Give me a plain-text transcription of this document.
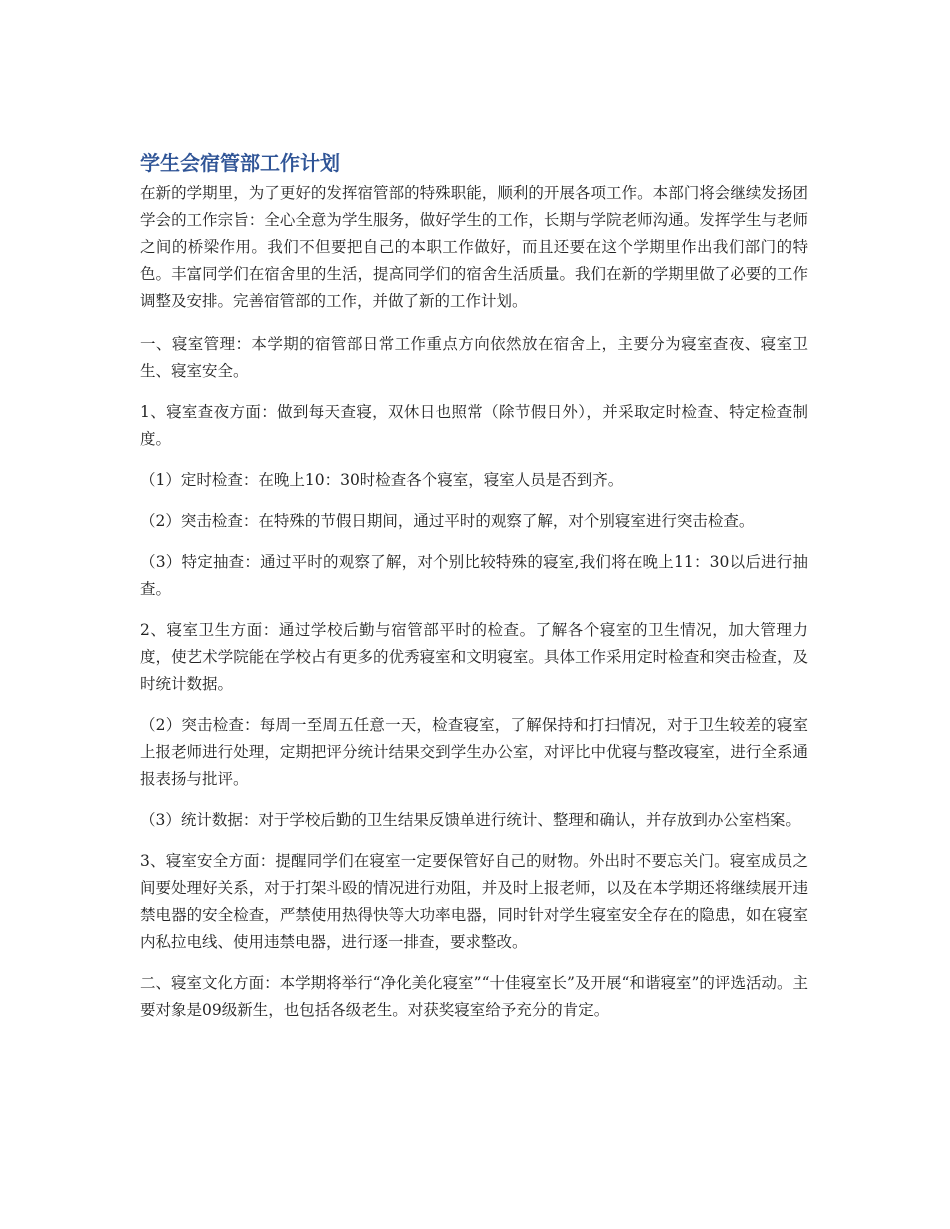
学生会宿管部工作计划

在新的学期里，为了更好的发挥宿管部的特殊职能，顺利的开展各项工作。本部门将会继续发扬团学会的工作宗旨：全心全意为学生服务，做好学生的工作，长期与学院老师沟通。发挥学生与老师之间的桥梁作用。我们不但要把自己的本职工作做好，而且还要在这个学期里作出我们部门的特色。丰富同学们在宿舍里的生活，提高同学们的宿舍生活质量。我们在新的学期里做了必要的工作调整及安排。完善宿管部的工作，并做了新的工作计划。

一、寝室管理：本学期的宿管部日常工作重点方向依然放在宿舍上，主要分为寝室查夜、寝室卫生、寝室安全。

1、寝室查夜方面：做到每天查寝，双休日也照常（除节假日外），并采取定时检查、特定检查制度。

（1）定时检查：在晚上10：30时检查各个寝室，寝室人员是否到齐。

（2）突击检查：在特殊的节假日期间，通过平时的观察了解，对个别寝室进行突击检查。

（3）特定抽查：通过平时的观察了解，对个别比较特殊的寝室,我们将在晚上11：30以后进行抽查。

2、寝室卫生方面：通过学校后勤与宿管部平时的检查。了解各个寝室的卫生情况，加大管理力度，使艺术学院能在学校占有更多的优秀寝室和文明寝室。具体工作采用定时检查和突击检查，及时统计数据。

（2）突击检查：每周一至周五任意一天，检查寝室，了解保持和打扫情况，对于卫生较差的寝室上报老师进行处理，定期把评分统计结果交到学生办公室，对评比中优寝与整改寝室，进行全系通报表扬与批评。

（3）统计数据：对于学校后勤的卫生结果反馈单进行统计、整理和确认，并存放到办公室档案。

3、寝室安全方面：提醒同学们在寝室一定要保管好自己的财物。外出时不要忘关门。寝室成员之间要处理好关系，对于打架斗殴的情况进行劝阻，并及时上报老师，以及在本学期还将继续展开违禁电器的安全检查，严禁使用热得快等大功率电器，同时针对学生寝室安全存在的隐患，如在寝室内私拉电线、使用违禁电器，进行逐一排查，要求整改。

二、寝室文化方面：本学期将举行“净化美化寝室”“十佳寝室长”及开展“和谐寝室”的评选活动。主要对象是09级新生，也包括各级老生。对获奖寝室给予充分的肯定。
